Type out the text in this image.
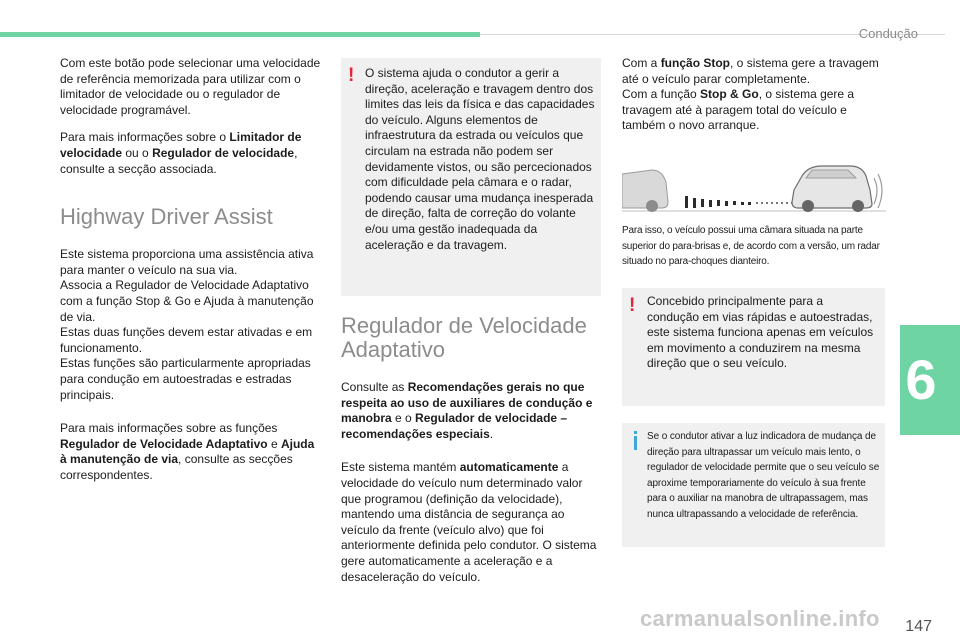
Condução
6
147
carmanualsonline.info

Com este botão pode selecionar uma velocidade de referência memorizada para utilizar com o limitador de velocidade ou o regulador de velocidade programável.

Para mais informações sobre o Limitador de velocidade ou o Regulador de velocidade, consulte a secção associada.

Highway Driver Assist

Este sistema proporciona uma assistência ativa para manter o veículo na sua via.

Associa a Regulador de Velocidade Adaptativo com a função Stop & Go e Ajuda à manutenção de via.

Estas duas funções devem estar ativadas e em funcionamento.

Estas funções são particularmente apropriadas para condução em autoestradas e estradas principais.

Para mais informações sobre as funções Regulador de Velocidade Adaptativo e Ajuda à manutenção de via, consulte as secções correspondentes.

! O sistema ajuda o condutor a gerir a direção, aceleração e travagem dentro dos limites das leis da física e das capacidades do veículo. Alguns elementos de infraestrutura da estrada ou veículos que circulam na estrada não podem ser devidamente vistos, ou são percecionados com dificuldade pela câmara e o radar, podendo causar uma mudança inesperada de direção, falta de correção do volante e/ou uma gestão inadequada da aceleração e da travagem.
Regulador de Velocidade
Adaptativo

Consulte as Recomendações gerais no que respeita ao uso de auxiliares de condução e manobra e o Regulador de velocidade – recomendações especiais.

Este sistema mantém automaticamente a velocidade do veículo num determinado valor que programou (definição da velocidade), mantendo uma distância de segurança ao veículo da frente (veículo alvo) que foi anteriormente definida pelo condutor. O sistema gere automaticamente a aceleração e a desaceleração do veículo.

Com a função Stop, o sistema gere a travagem até o veículo parar completamente.
Com a função Stop & Go, o sistema gere a travagem até à paragem total do veículo e também o novo arranque.

Para isso, o veículo possui uma câmara situada na parte superior do para-brisas e, de acordo com a versão, um radar situado no para-choques dianteiro.
! Concebido principalmente para a condução em vias rápidas e autoestradas, este sistema funciona apenas em veículos em movimento a conduzirem na mesma direção que o seu veículo.
Se o condutor ativar a luz indicadora de mudança de direção para ultrapassar um veículo mais lento, o regulador de velocidade permite que o seu veículo se aproxime temporariamente do veículo à sua frente para o auxiliar na manobra de ultrapassagem, mas nunca ultrapassando a velocidade de referência.
